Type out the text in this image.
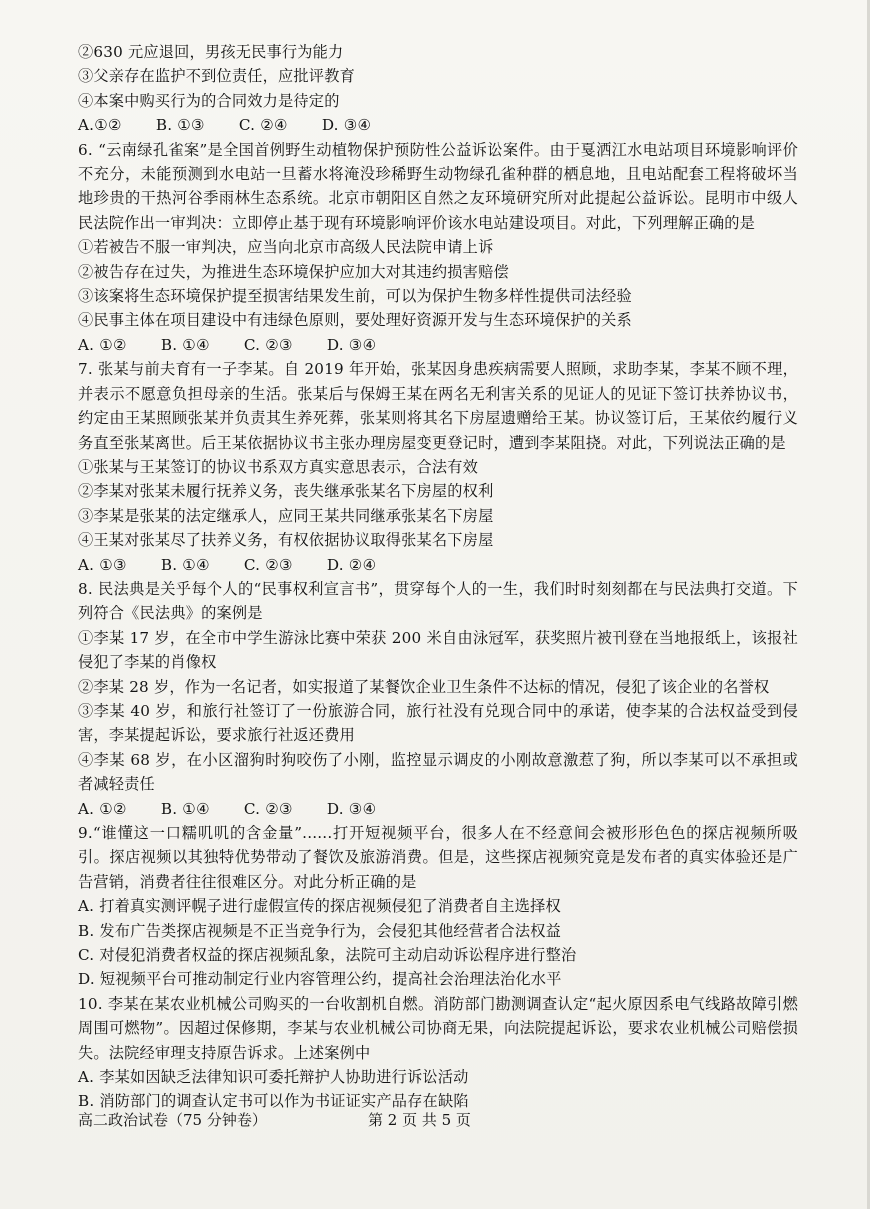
②630 元应退回，男孩无民事行为能力
③父亲存在监护不到位责任，应批评教育
④本案中购买行为的合同效力是待定的
A.①② B. ①③ C. ②④ D. ③④
6. “云南绿孔雀案”是全国首例野生动植物保护预防性公益诉讼案件。由于戛洒江水电站项目环境影响评价不充分，未能预测到水电站一旦蓄水将淹没珍稀野生动物绿孔雀种群的栖息地，且电站配套工程将破坏当地珍贵的干热河谷季雨林生态系统。北京市朝阳区自然之友环境研究所对此提起公益诉讼。昆明市中级人民法院作出一审判决：立即停止基于现有环境影响评价该水电站建设项目。对此，下列理解正确的是
①若被告不服一审判决，应当向北京市高级人民法院申请上诉
②被告存在过失，为推进生态环境保护应加大对其违约损害赔偿
③该案将生态环境保护提至损害结果发生前，可以为保护生物多样性提供司法经验
④民事主体在项目建设中有违绿色原则，要处理好资源开发与生态环境保护的关系
A. ①② B. ①④ C. ②③ D. ③④
7. 张某与前夫育有一子李某。自 2019 年开始，张某因身患疾病需要人照顾，求助李某，李某不顾不理，并表示不愿意负担母亲的生活。张某后与保姆王某在两名无利害关系的见证人的见证下签订扶养协议书，约定由王某照顾张某并负责其生养死葬，张某则将其名下房屋遗赠给王某。协议签订后，王某依约履行义务直至张某离世。后王某依据协议书主张办理房屋变更登记时，遭到李某阻挠。对此，下列说法正确的是
①张某与王某签订的协议书系双方真实意思表示，合法有效
②李某对张某未履行抚养义务，丧失继承张某名下房屋的权利
③李某是张某的法定继承人，应同王某共同继承张某名下房屋
④王某对张某尽了扶养义务，有权依据协议取得张某名下房屋
A. ①③ B. ①④ C. ②③ D. ②④
8. 民法典是关乎每个人的“民事权利宣言书”，贯穿每个人的一生，我们时时刻刻都在与民法典打交道。下列符合《民法典》的案例是
①李某 17 岁，在全市中学生游泳比赛中荣获 200 米自由泳冠军，获奖照片被刊登在当地报纸上，该报社侵犯了李某的肖像权
②李某 28 岁，作为一名记者，如实报道了某餐饮企业卫生条件不达标的情况，侵犯了该企业的名誉权
③李某 40 岁，和旅行社签订了一份旅游合同，旅行社没有兑现合同中的承诺，使李某的合法权益受到侵害，李某提起诉讼，要求旅行社返还费用
④李某 68 岁，在小区溜狗时狗咬伤了小刚，监控显示调皮的小刚故意激惹了狗，所以李某可以不承担或者减轻责任
A. ①② B. ①④ C. ②③ D. ③④
9.“谁懂这一口糯叽叽的含金量”......打开短视频平台，很多人在不经意间会被形形色色的探店视频所吸引。探店视频以其独特优势带动了餐饮及旅游消费。但是，这些探店视频究竟是发布者的真实体验还是广告营销，消费者往往很难区分。对此分析正确的是
A. 打着真实测评幌子进行虚假宣传的探店视频侵犯了消费者自主选择权
B. 发布广告类探店视频是不正当竞争行为，会侵犯其他经营者合法权益
C. 对侵犯消费者权益的探店视频乱象，法院可主动启动诉讼程序进行整治
D. 短视频平台可推动制定行业内容管理公约，提高社会治理法治化水平
10. 李某在某农业机械公司购买的一台收割机自燃。消防部门勘测调查认定“起火原因系电气线路故障引燃周围可燃物”。因超过保修期，李某与农业机械公司协商无果，向法院提起诉讼，要求农业机械公司赔偿损失。法院经审理支持原告诉求。上述案例中
A. 李某如因缺乏法律知识可委托辩护人协助进行诉讼活动
B. 消防部门的调查认定书可以作为书证证实产品存在缺陷
高二政治试卷（75 分钟卷）	第 2 页 共 5 页
